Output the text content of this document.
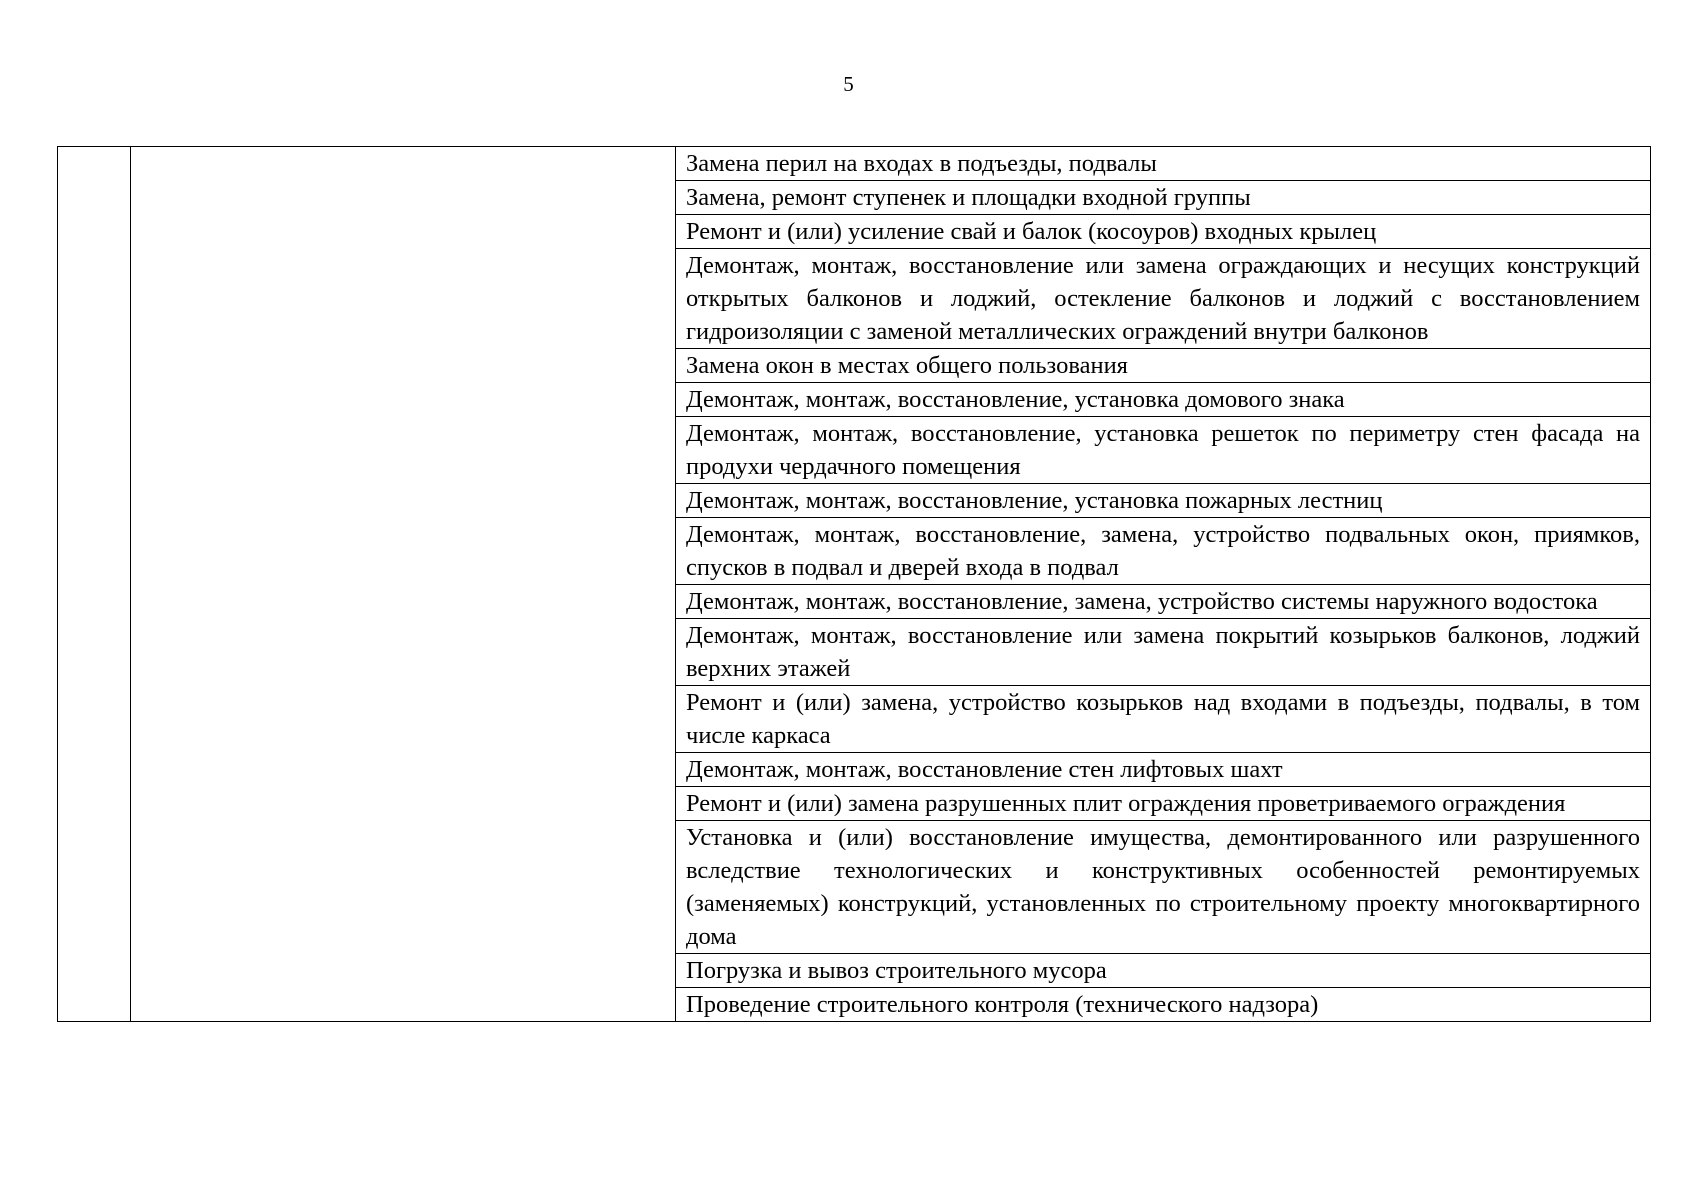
5

Замена перил на входах в подъезды, подвалы
Замена, ремонт ступенек и площадки входной группы
Ремонт и (или) усиление свай и балок (косоуров) входных крылец
Демонтаж, монтаж, восстановление или замена ограждающих и несущих конструкций открытых балконов и лоджий, остекление балконов и лоджий с восстановлением гидроизоляции с заменой металлических ограждений внутри балконов
Замена окон в местах общего пользования
Демонтаж, монтаж, восстановление, установка домового знака
Демонтаж, монтаж, восстановление, установка решеток по периметру стен фасада на продухи чердачного помещения
Демонтаж, монтаж, восстановление, установка пожарных лестниц
Демонтаж, монтаж, восстановление, замена, устройство подвальных окон, приямков, спусков в подвал и дверей входа в подвал
Демонтаж, монтаж, восстановление, замена, устройство системы наружного водостока
Демонтаж, монтаж, восстановление или замена покрытий козырьков балконов, лоджий верхних этажей
Ремонт и (или) замена, устройство козырьков над входами в подъезды, подвалы, в том числе каркаса
Демонтаж, монтаж, восстановление стен лифтовых шахт
Ремонт и (или) замена разрушенных плит ограждения проветриваемого ограждения
Установка и (или) восстановление имущества, демонтированного или разрушенного вследствие технологических и конструктивных особенностей ремонтируемых (заменяемых) конструкций, установленных по строительному проекту многоквартирного дома
Погрузка и вывоз строительного мусора
Проведение строительного контроля (технического надзора)
